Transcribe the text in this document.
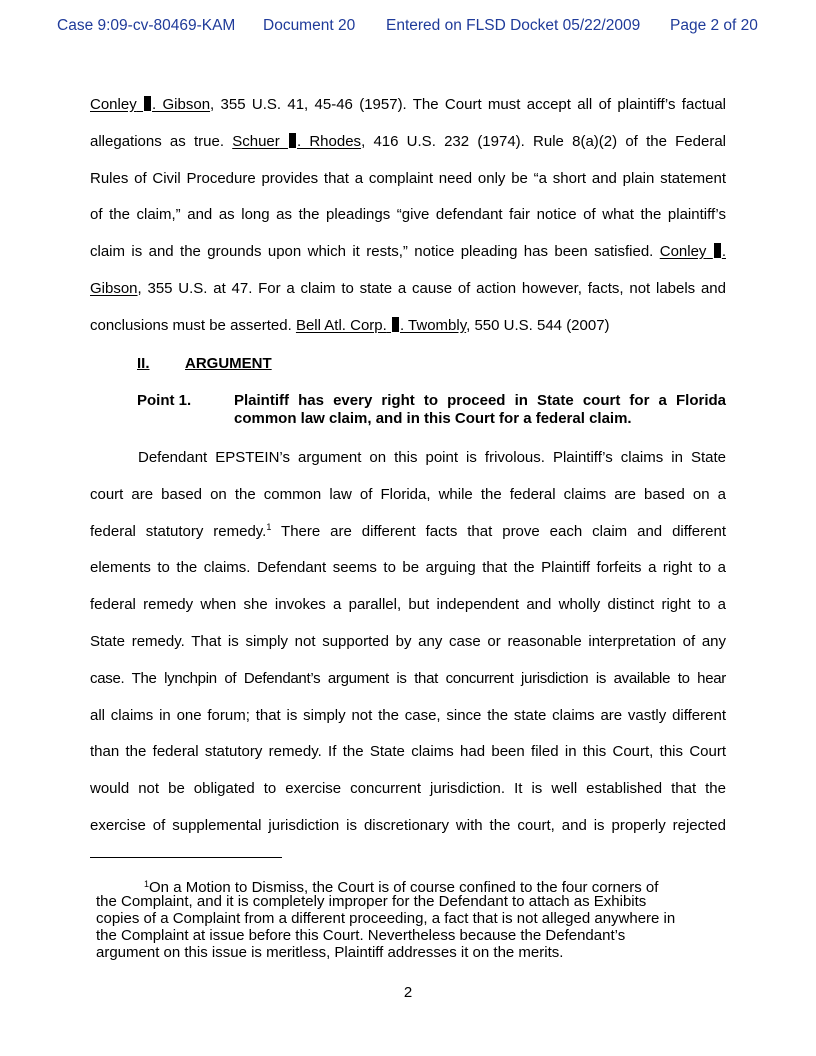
Case 9:09-cv-80469-KAM Document 20 Entered on FLSD Docket 05/22/2009 Page 2 of 20
Conley . Gibson, 355 U.S. 41, 45-46 (1957). The Court must accept all of plaintiff’s factual
allegations as true. Schuer . Rhodes, 416 U.S. 232 (1974). Rule 8(a)(2) of the Federal
Rules of Civil Procedure provides that a complaint need only be “a short and plain statement
of the claim,” and as long as the pleadings “give defendant fair notice of what the plaintiff’s
claim is and the grounds upon which it rests,” notice pleading has been satisfied. Conley .
Gibson, 355 U.S. at 47. For a claim to state a cause of action however, facts, not labels and
conclusions must be asserted. Bell Atl. Corp. . Twombly, 550 U.S. 544 (2007)
II. ARGUMENT
Point 1.	Plaintiff has every right to proceed in State court for a Florida common law claim, and in this Court for a federal claim.
Defendant EPSTEIN’s argument on this point is frivolous. Plaintiff’s claims in State
court are based on the common law of Florida, while the federal claims are based on a
federal statutory remedy.$^1$ There are different facts that prove each claim and different
elements to the claims. Defendant seems to be arguing that the Plaintiff forfeits a right to a
federal remedy when she invokes a parallel, but independent and wholly distinct right to a
State remedy. That is simply not supported by any case or reasonable interpretation of any
case. The lynchpin of Defendant’s argument is that concurrent jurisdiction is available to hear
all claims in one forum; that is simply not the case, since the state claims are vastly different
than the federal statutory remedy. If the State claims had been filed in this Court, this Court
would not be obligated to exercise concurrent jurisdiction. It is well established that the
exercise of supplemental jurisdiction is discretionary with the court, and is properly rejected
$^1$On a Motion to Dismiss, the Court is of course confined to the four corners of
the Complaint, and it is completely improper for the Defendant to attach as Exhibits
copies of a Complaint from a different proceeding, a fact that is not alleged anywhere in
the Complaint at issue before this Court. Nevertheless because the Defendant’s
argument on this issue is meritless, Plaintiff addresses it on the merits.
2
